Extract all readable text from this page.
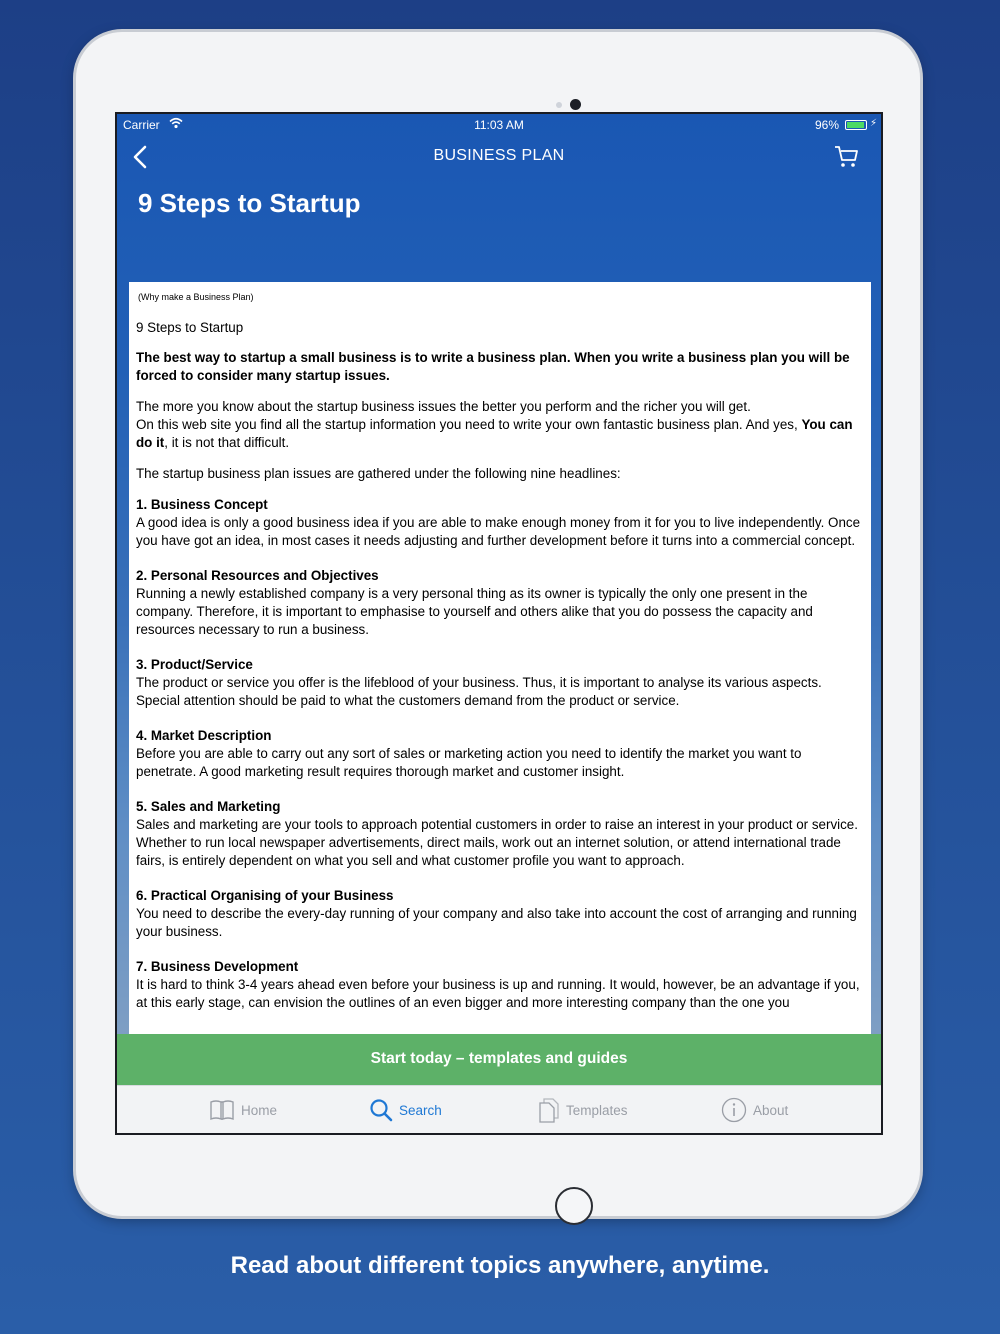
Carrier	11:03 AM	96%	⚡
BUSINESS PLAN
9 Steps to Startup
(Why make a Business Plan)
9 Steps to Startup
The best way to startup a small business is to write a business plan. When you write a business plan you will be forced to consider many startup issues.
The more you know about the startup business issues the better you perform and the richer you will get.
On this web site you find all the startup information you need to write your own fantastic business plan. And yes, You can do it, it is not that difficult.
The startup business plan issues are gathered under the following nine headlines:
1. Business Concept
A good idea is only a good business idea if you are able to make enough money from it for you to live independently. Once you have got an idea, in most cases it needs adjusting and further development before it turns into a commercial concept.
2. Personal Resources and Objectives
Running a newly established company is a very personal thing as its owner is typically the only one present in the company. Therefore, it is important to emphasise to yourself and others alike that you do possess the capacity and resources necessary to run a business.
3. Product/Service
The product or service you offer is the lifeblood of your business. Thus, it is important to analyse its various aspects. Special attention should be paid to what the customers demand from the product or service.
4. Market Description
Before you are able to carry out any sort of sales or marketing action you need to identify the market you want to penetrate. A good marketing result requires thorough market and customer insight.
5. Sales and Marketing
Sales and marketing are your tools to approach potential customers in order to raise an interest in your product or service. Whether to run local newspaper advertisements, direct mails, work out an internet solution, or attend international trade fairs, is entirely dependent on what you sell and what customer profile you want to approach.
6. Practical Organising of your Business
You need to describe the every-day running of your company and also take into account the cost of arranging and running your business.
7. Business Development
It is hard to think 3-4 years ahead even before your business is up and running. It would, however, be an advantage if you, at this early stage, can envision the outlines of an even bigger and more interesting company than the one you
Start today – templates and guides
Home	Search	Templates	About
Read about different topics anywhere, anytime.
